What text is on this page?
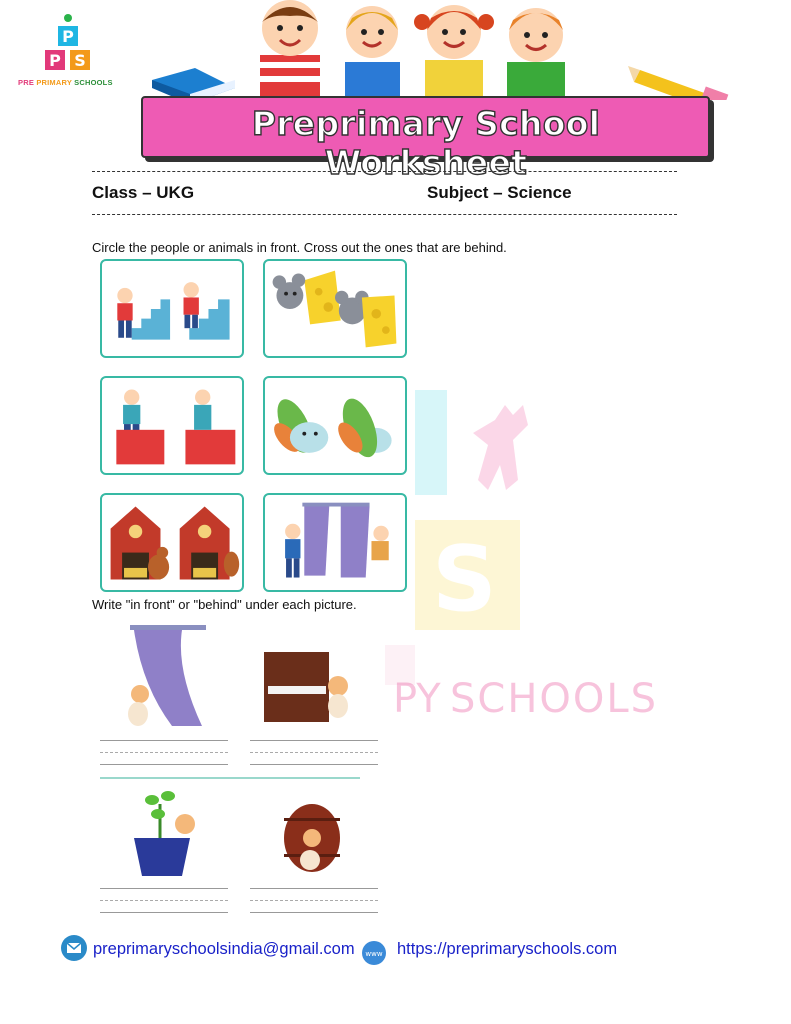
S
PY SCHOOLS
P
P S
PRE PRIMARY SCHOOLS
Preprimary School Worksheet
Class – UKG	Subject – Science
Circle the people or animals in front. Cross out the ones that are behind.
Write "in front" or "behind" under each picture.
preprimaryschoolsindia@gmail.com www https://preprimaryschools.com
